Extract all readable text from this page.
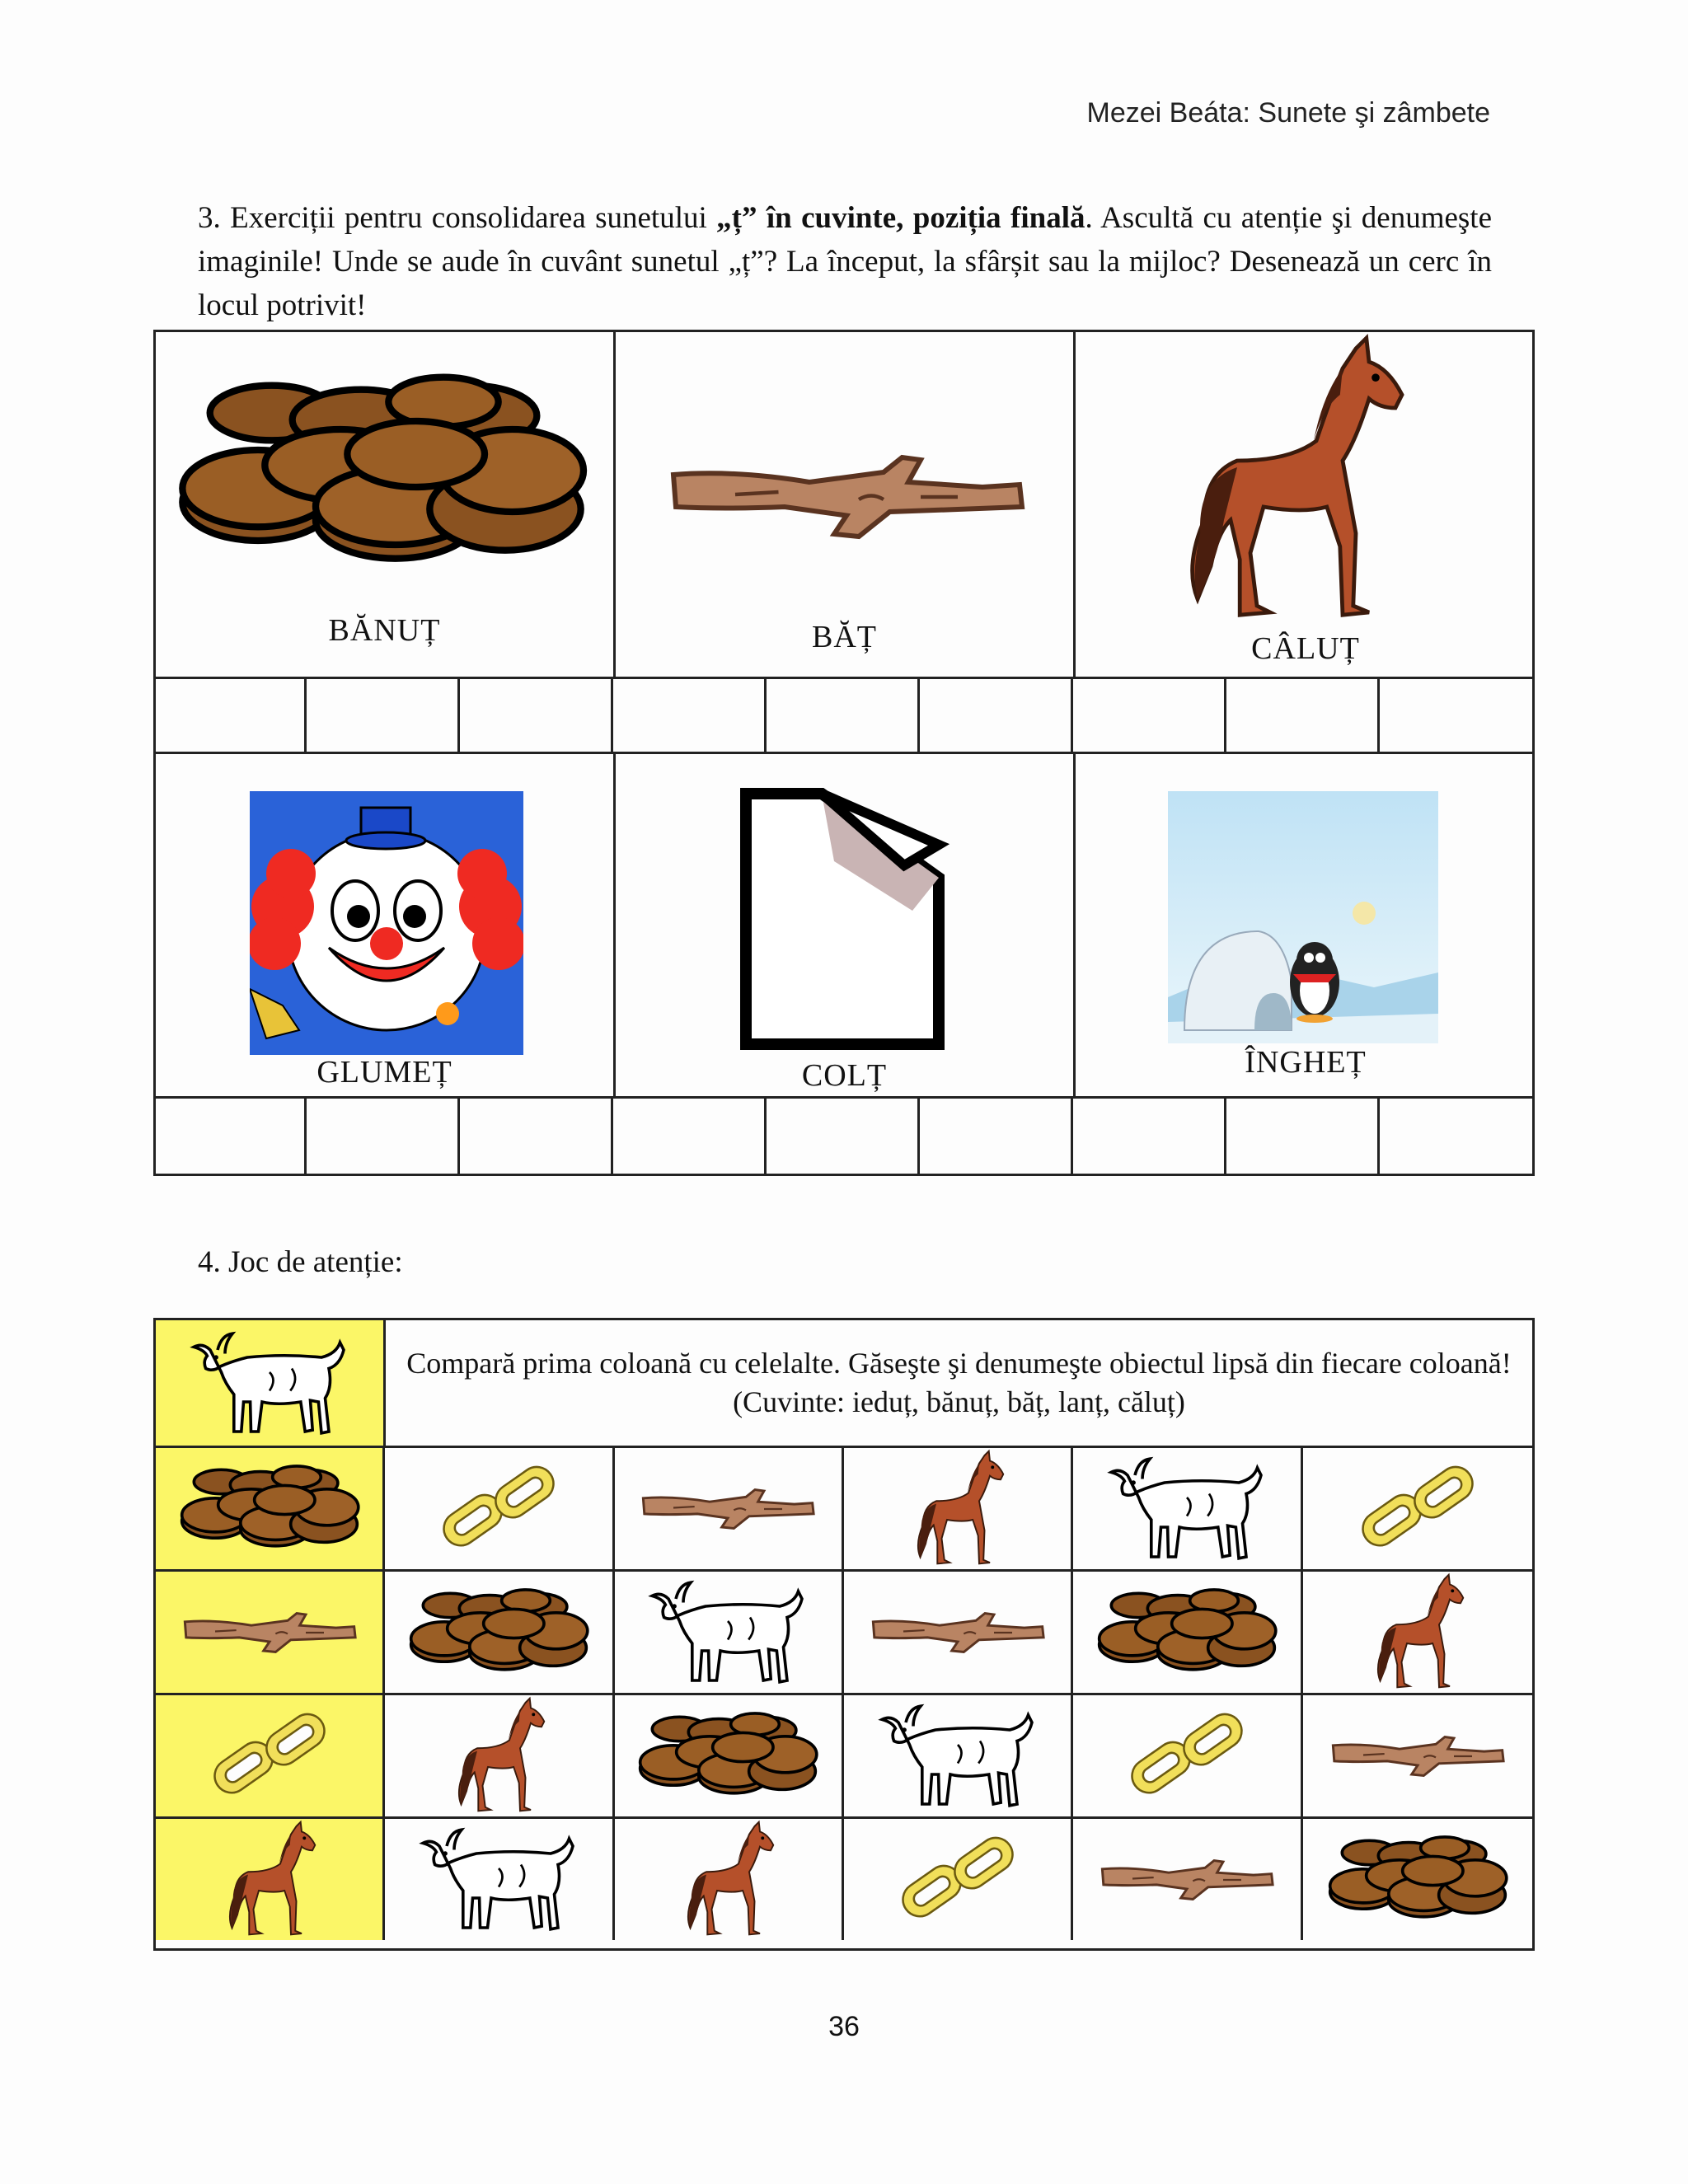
Mezei Beáta: Sunete şi zâmbete
3. Exerciții pentru consolidarea sunetului „ț” în cuvinte, poziția finală. Ascultă cu atenție şi denumeşte imaginile! Unde se aude în cuvânt sunetul „ț”? La început, la sfârșit sau la mijloc? Desenează un cerc în locul potrivit!
BĂNUȚ	BĂȚ	CÂLUȚ
GLUMEȚ	COLȚ	ÎNGHEȚ
4. Joc de atenție:
Compară prima coloană cu celelalte. Găseşte şi denumeşte obiectul lipsă din fiecare coloană! (Cuvinte: ieduț, bănuț, băț, lanț, căluț)
36
